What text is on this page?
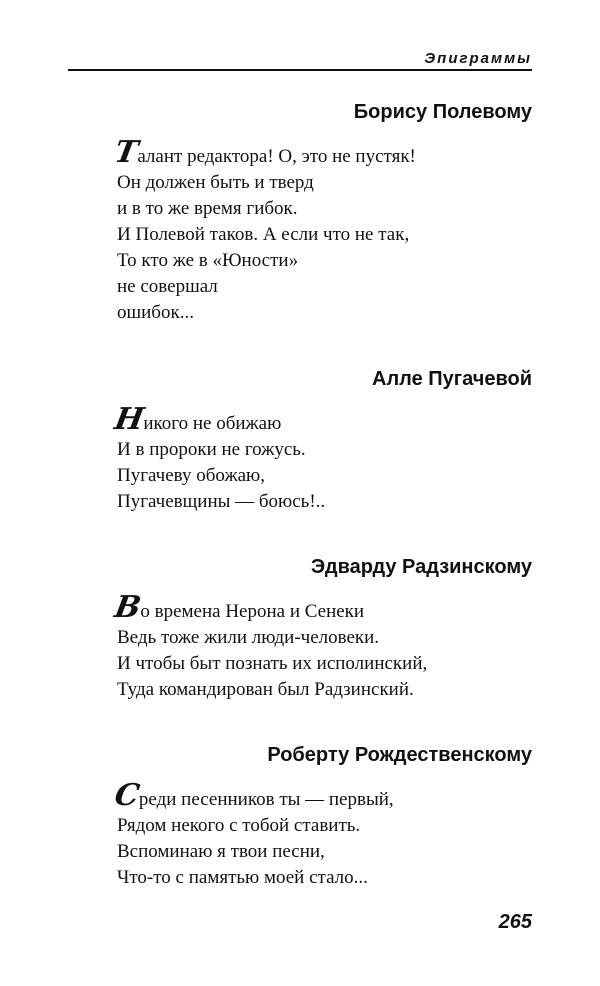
Эпиграммы
Борису Полевому
Талант редактора! О, это не пустяк!
Он должен быть и тверд
и в то же время гибок.
И Полевой таков. А если что не так,
То кто же в «Юности»
не совершал
ошибок...
Алле Пугачевой
Никого не обижаю
И в пророки не гожусь.
Пугачеву обожаю,
Пугачевщины — боюсь!..
Эдварду Радзинскому
Во времена Нерона и Сенеки
Ведь тоже жили люди-человеки.
И чтобы быт познать их исполинский,
Туда командирован был Радзинский.
Роберту Рождественскому
Среди песенников ты — первый,
Рядом некого с тобой ставить.
Вспоминаю я твои песни,
Что-то с памятью моей стало...
265
